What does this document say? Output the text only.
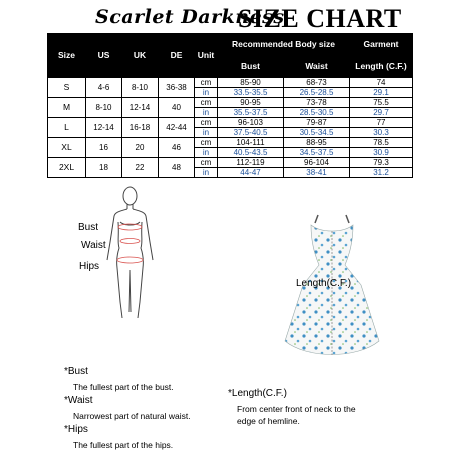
Scarlet Darkness
SIZE CHART
Size	US	UK	DE	Unit	Recommended Body size		Garment
					Bust	Waist	Length (C.F.)
S	4-6	8-10	36-38	cm	85-90	68-73	74
				in	33.5-35.5	26.5-28.5	29.1
M	8-10	12-14	40	cm	90-95	73-78	75.5
				in	35.5-37.5	28.5-30.5	29.7
L	12-14	16-18	42-44	cm	96-103	79-87	77
				in	37.5-40.5	30.5-34.5	30.3
XL	16	20	46	cm	104-111	88-95	78.5
				in	40.5-43.5	34.5-37.5	30.9
2XL	18	22	48	cm	112-119	96-104	79.3
				in	44-47	38-41	31.2
Bust
Waist
Hips
Length(C.F.)
*Bust
The fullest part of the bust.
*Waist
Narrowest part of natural waist.
*Hips
The fullest part of the hips.
*Length(C.F.)
From center front of neck to the
edge of hemline.
